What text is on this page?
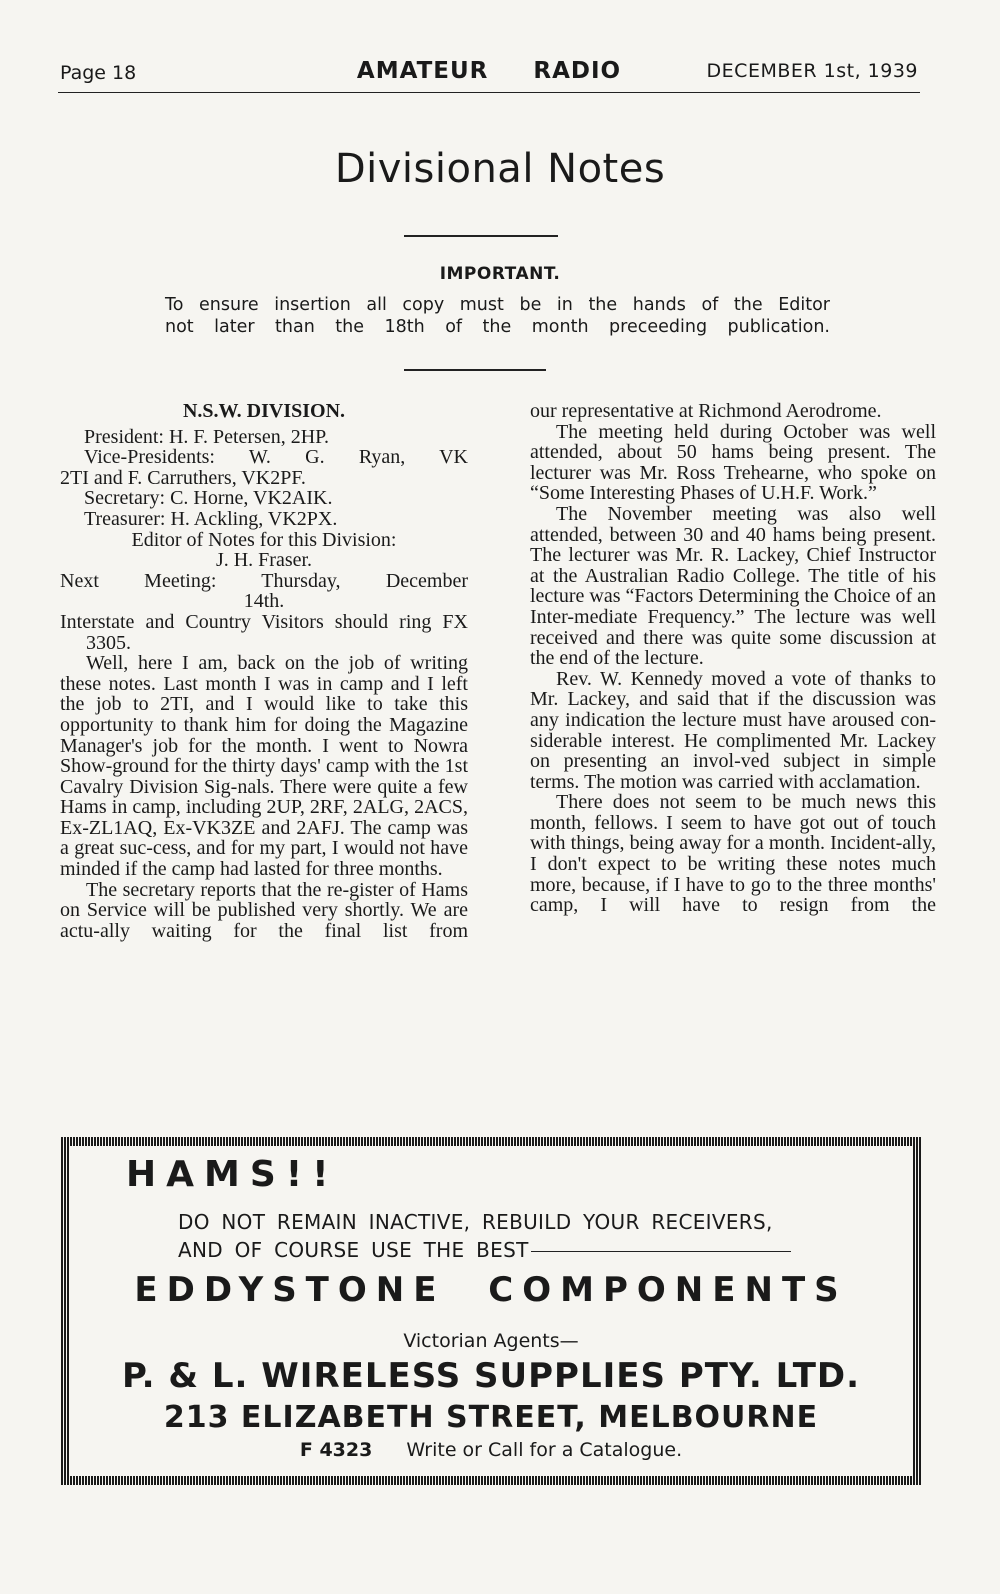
Page 18	AMATEUR RADIO	DECEMBER 1st, 1939
Divisional Notes
IMPORTANT.
To ensure insertion all copy must be in the hands of the Editor
not later than the 18th of the month preceeding publication.

N.S.W. DIVISION.

President: H. F. Petersen, 2HP.

Vice-Presidents: W. G. Ryan, VK

2TI and F. Carruthers, VK2PF.

Secretary: C. Horne, VK2AIK.

Treasurer: H. Ackling, VK2PX.

Editor of Notes for this Division:

J. H. Fraser.

Next Meeting: Thursday, December

14th.

Interstate and Country Visitors should ring FX 3305.

Well, here I am, back on the job of writing these notes. Last month I was in camp and I left the job to 2TI, and I would like to take this opportunity to thank him for doing the Magazine Manager's job for the month. I went to Nowra Show-ground for the thirty days' camp with the 1st Cavalry Division Sig-nals. There were quite a few Hams in camp, including 2UP, 2RF, 2ALG, 2ACS, Ex-ZL1AQ, Ex-VK3ZE and 2AFJ. The camp was a great suc-cess, and for my part, I would not have minded if the camp had lasted for three months.

The secretary reports that the re-gister of Hams on Service will be published very shortly. We are actu-ally waiting for the final list from

our representative at Richmond Aerodrome.

The meeting held during October was well attended, about 50 hams being present. The lecturer was Mr. Ross Trehearne, who spoke on “Some Interesting Phases of U.H.F. Work.”

The November meeting was also well attended, between 30 and 40 hams being present. The lecturer was Mr. R. Lackey, Chief Instructor at the Australian Radio College. The title of his lecture was “Factors Determining the Choice of an Inter-mediate Frequency.” The lecture was well received and there was quite some discussion at the end of the lecture.

Rev. W. Kennedy moved a vote of thanks to Mr. Lackey, and said that if the discussion was any indication the lecture must have aroused con-siderable interest. He complimented Mr. Lackey on presenting an invol-ved subject in simple terms. The motion was carried with acclamation.

There does not seem to be much news this month, fellows. I seem to have got out of touch with things, being away for a month. Incident-ally, I don't expect to be writing these notes much more, because, if I have to go to the three months' camp, I will have to resign from the

HAMS!!
DO NOT REMAIN INACTIVE, REBUILD YOUR RECEIVERS,
AND OF COURSE USE THE BEST
EDDYSTONE COMPONENTS
Victorian Agents—
P. & L. WIRELESS SUPPLIES PTY. LTD.
213 ELIZABETH STREET, MELBOURNE
F 4323 Write or Call for a Catalogue.
